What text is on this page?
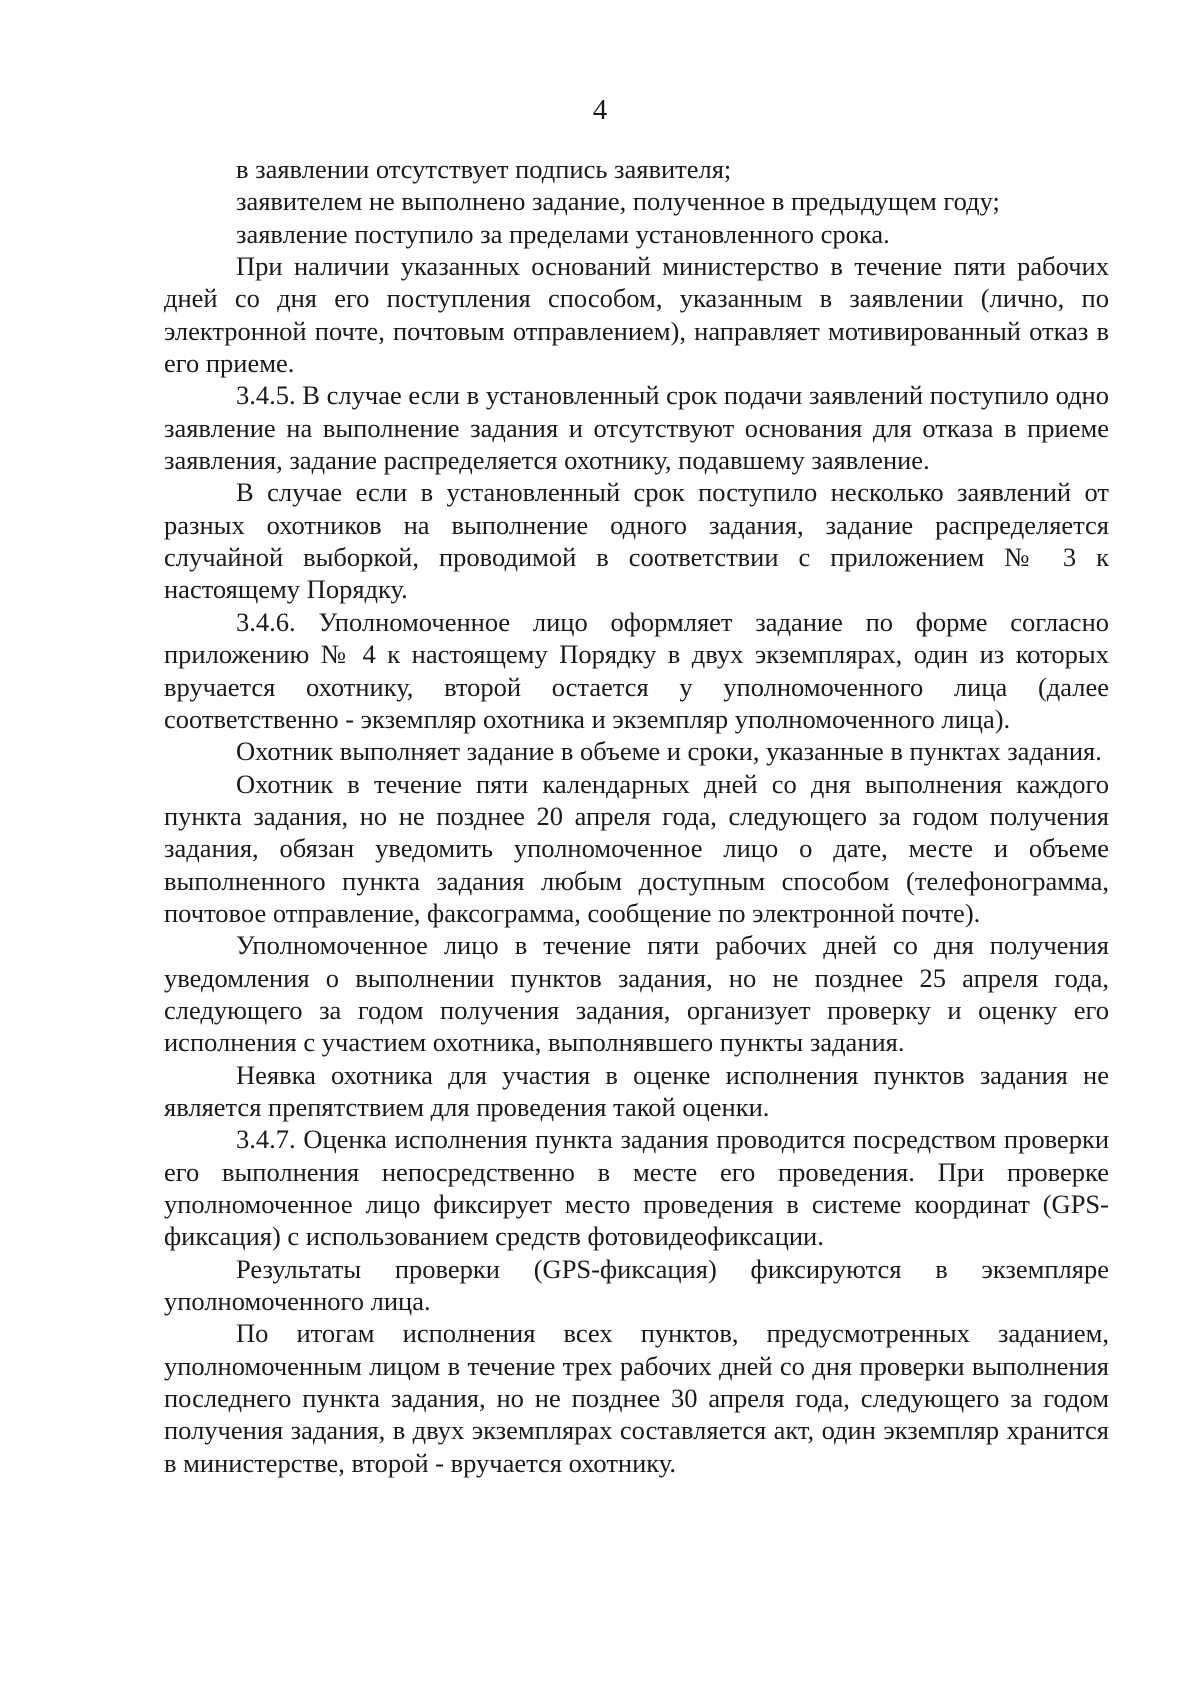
4

в заявлении отсутствует подпись заявителя;

заявителем не выполнено задание, полученное в предыдущем году;

заявление поступило за пределами установленного срока.

При наличии указанных оснований министерство в течение пяти рабочих дней со дня его поступления способом, указанным в заявлении (лично, по электронной почте, почтовым отправлением), направляет мотивированный отказ в его приеме.

3.4.5. В случае если в установленный срок подачи заявлений поступило одно заявление на выполнение задания и отсутствуют основания для отказа в приеме заявления, задание распределяется охотнику, подавшему заявление.

В случае если в установленный срок поступило несколько заявлений от разных охотников на выполнение одного задания, задание распределяется случайной выборкой, проводимой в соответствии с приложением № 3 к настоящему Порядку.

3.4.6. Уполномоченное лицо оформляет задание по форме согласно приложению № 4 к настоящему Порядку в двух экземплярах, один из которых вручается охотнику, второй остается у уполномоченного лица (далее соответственно - экземпляр охотника и экземпляр уполномоченного лица).

Охотник выполняет задание в объеме и сроки, указанные в пунктах задания.

Охотник в течение пяти календарных дней со дня выполнения каждого пункта задания, но не позднее 20 апреля года, следующего за годом получения задания, обязан уведомить уполномоченное лицо о дате, месте и объеме выполненного пункта задания любым доступным способом (телефонограмма, почтовое отправление, факсограмма, сообщение по электронной почте).

Уполномоченное лицо в течение пяти рабочих дней со дня получения уведомления о выполнении пунктов задания, но не позднее 25 апреля года, следующего за годом получения задания, организует проверку и оценку его исполнения с участием охотника, выполнявшего пункты задания.

Неявка охотника для участия в оценке исполнения пунктов задания не является препятствием для проведения такой оценки.

3.4.7. Оценка исполнения пункта задания проводится посредством проверки его выполнения непосредственно в месте его проведения. При проверке уполномоченное лицо фиксирует место проведения в системе координат (GPS-фиксация) с использованием средств фотовидеофиксации.

Результаты проверки (GPS-фиксация) фиксируются в экземпляре уполномоченного лица.

По итогам исполнения всех пунктов, предусмотренных заданием, уполномоченным лицом в течение трех рабочих дней со дня проверки выполнения последнего пункта задания, но не позднее 30 апреля года, следующего за годом получения задания, в двух экземплярах составляется акт, один экземпляр хранится в министерстве, второй - вручается охотнику.
